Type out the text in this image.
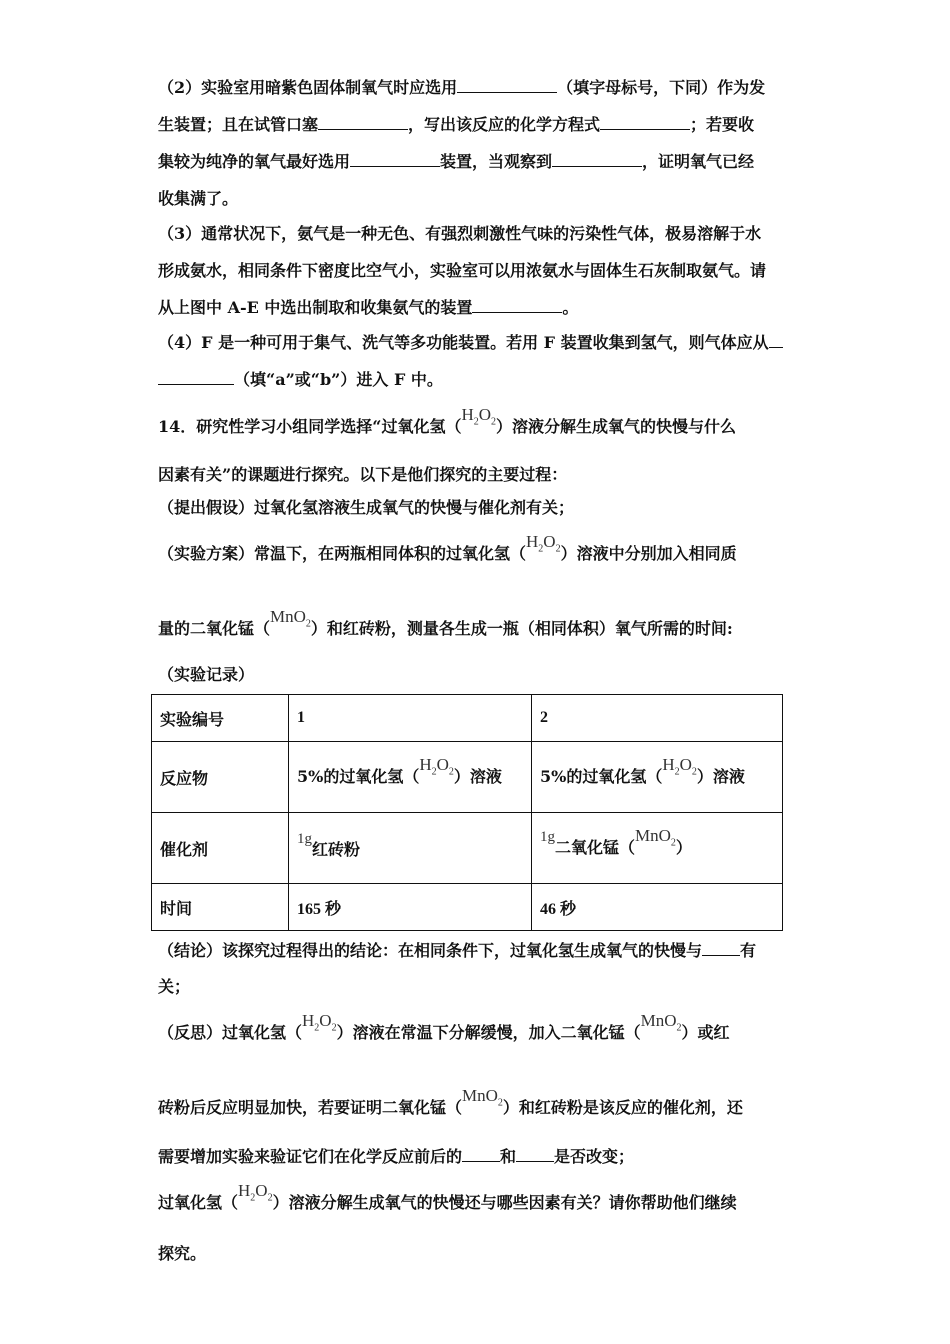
（2）实验室用暗紫色固体制氧气时应选用	（填字母标号，下同）作为发
生装置；且在试管口塞	，写出该反应的化学方程式	；若要收
集较为纯净的氧气最好选用	装置，当观察到	，证明氧气已经
收集满了。
（3）通常状况下，氨气是一种无色、有强烈刺激性气味的污染性气体，极易溶解于水
形成氨水，相同条件下密度比空气小，实验室可以用浓氨水与固体生石灰制取氨气。请
从上图中 A-E 中选出制取和收集氨气的装置	。
（4）F 是一种可用于集气、洗气等多功能装置。若用 F 装置收集到氢气，则气体应从
（填“a”或“b”）进入 F 中。
14．研究性学习小组同学选择“过氧化氢$(H_2O_2)$溶液分解生成氧气的快慢与什么
因素有关”的课题进行探究。以下是他们探究的主要过程：
（提出假设）过氧化氢溶液生成氧气的快慢与催化剂有关；
（实验方案）常温下，在两瓶相同体积的过氧化氢$(H_2O_2)$溶液中分别加入相同质
量的二氧化锰（MnO$_2$）和红砖粉，测量各生成一瓶（相同体积）氧气所需的时间:
（实验记录）
实验编号	1	2
反应物	5%的过氧化氢$(H_2O_2)$溶液	5%的过氧化氢$(H_2O_2)$溶液
催化剂	1g红砖粉	1g二氧化锰（MnO$_2$）
时间	165 秒	46 秒
（结论）该探究过程得出的结论：在相同条件下，过氧化氢生成氧气的快慢与 有
关；
（反思）过氧化氢$(H_2O_2)$溶液在常温下分解缓慢，加入二氧化锰（MnO$_2$）或红
砖粉后反应明显加快，若要证明二氧化锰（MnO$_2$）和红砖粉是该反应的催化剂，还
需要增加实验来验证它们在化学反应前后的 和 是否改变；
过氧化氢$(H_2O_2)$溶液分解生成氧气的快慢还与哪些因素有关？请你帮助他们继续
探究。
